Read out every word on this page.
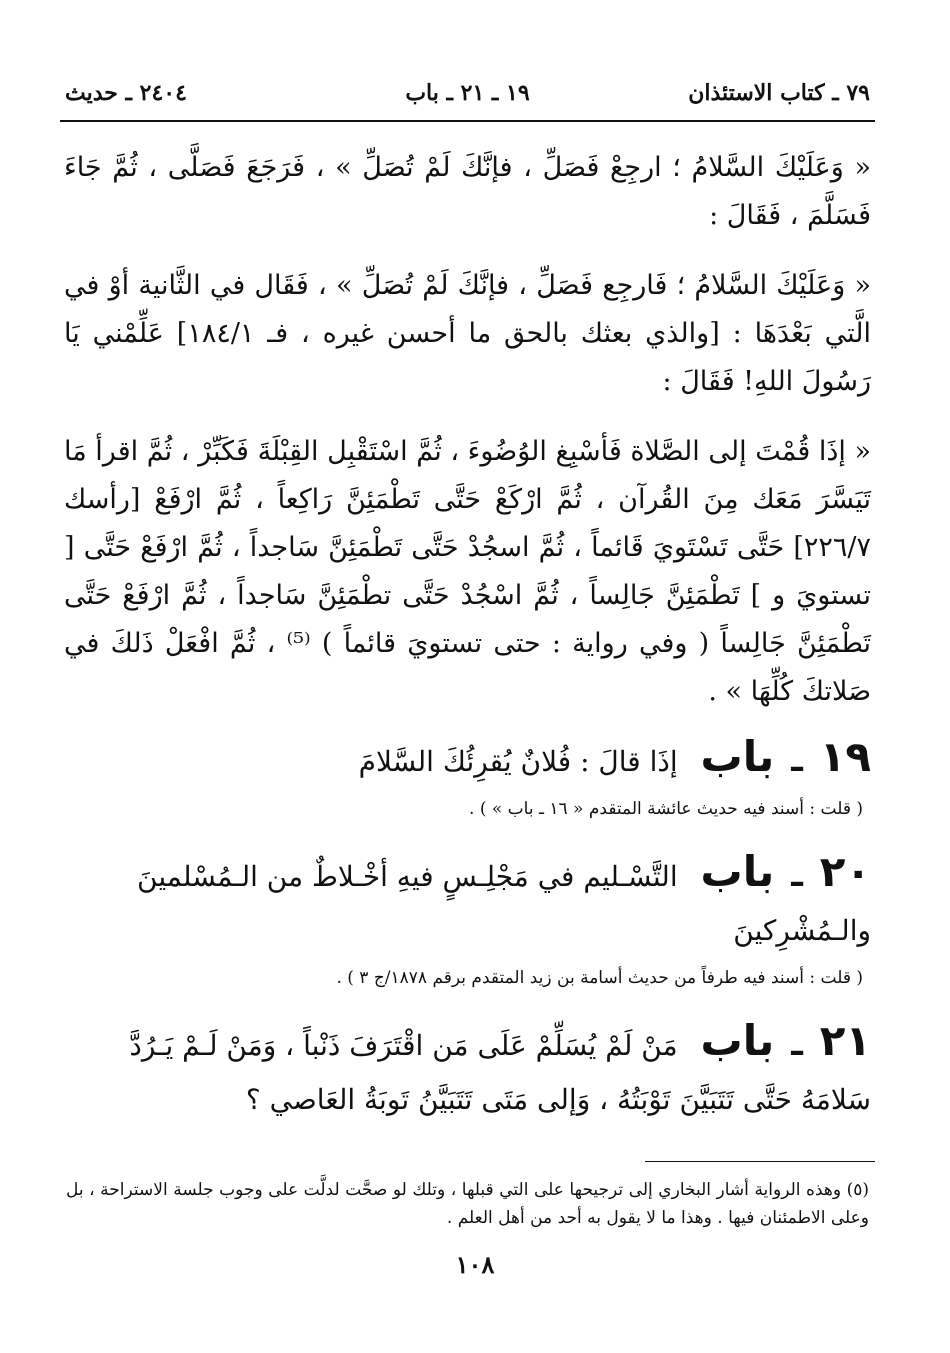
٧٩ ـ كتاب الاستئذان
١٩ ـ ٢١ ـ باب
٢٤٠٤ ـ حديث

« وَعَلَيْكَ السَّلامُ ؛ ارجِعْ فَصَلِّ ، فإنَّكَ لَمْ تُصَلِّ » ، فَرَجَعَ فَصَلَّى ، ثُمَّ جَاءَ فَسَلَّمَ ، فَقَالَ :

« وَعَلَيْكَ السَّلامُ ؛ فَارجِع فَصَلِّ ، فإنَّكَ لَمْ تُصَلِّ » ، فَقَال في الثَّانية أوْ في الَّتي بَعْدَهَا : [والذي بعثك بالحق ما أحسن غيره ، فـ ١٨٤/١] عَلِّمْني يَا رَسُولَ اللهِ! فَقَالَ :

« إذَا قُمْتَ إلى الصَّلاة فَأسْبِغ الوُضُوءَ ، ثُمَّ اسْتَقْبِل القِبْلَةَ فَكَبِّرْ ، ثُمَّ اقرأ مَا تَيَسَّرَ مَعَك مِنَ القُرآن ، ثُمَّ ارْكَعْ حَتَّى تَطْمَئِنَّ رَاكِعاً ، ثُمَّ ارْفَعْ [رأسك ٢٢٦/٧] حَتَّى تَسْتَويَ قَائماً ، ثُمَّ اسجُدْ حَتَّى تَطْمَئِنَّ سَاجداً ، ثُمَّ ارْفَعْ حَتَّى [ تستويَ و ] تَطْمَئِنَّ جَالِساً ، ثُمَّ اسْجُدْ حَتَّى تطْمَئِنَّ سَاجداً ، ثُمَّ ارْفَعْ حَتَّى تَطْمَئِنَّ جَالِساً ( وفي رواية : حتى تستويَ قائماً ) ⁽⁵⁾ ، ثُمَّ افْعَلْ ذَلكَ في صَلاتكَ كُلِّهَا » .

١٩ ـ باب إذَا قالَ : فُلانٌ يُقرِئُكَ السَّلامَ
( قلت : أسند فيه حديث عائشة المتقدم « ١٦ ـ باب » ) .
٢٠ ـ باب التَّسْـليم في مَجْلِـسٍ فيهِ أخْـلاطٌ من الـمُسْلمينَ والـمُشْرِكينَ
( قلت : أسند فيه طرفاً من حديث أسامة بن زيد المتقدم برقم ١٨٧٨/ج ٣ ) .
٢١ ـ باب مَنْ لَمْ يُسَلِّمْ عَلَى مَن اقْتَرَفَ ذَنْباً ، وَمَنْ لَـمْ يَـرُدَّ سَلامَهُ حَتَّى تَتَبَيَّنَ تَوْبَتُهُ ، وَإلى مَتَى تَتَبَيَّنُ تَوبَةُ العَاصي ؟

(٥) وهذه الرواية أشار البخاري إلى ترجيحها على التي قبلها ، وتلك لو صحَّت لدلَّت على وجوب جلسة الاستراحة ، بل وعلى الاطمئنان فيها . وهذا ما لا يقول به أحد من أهل العلم .

١٠٨
